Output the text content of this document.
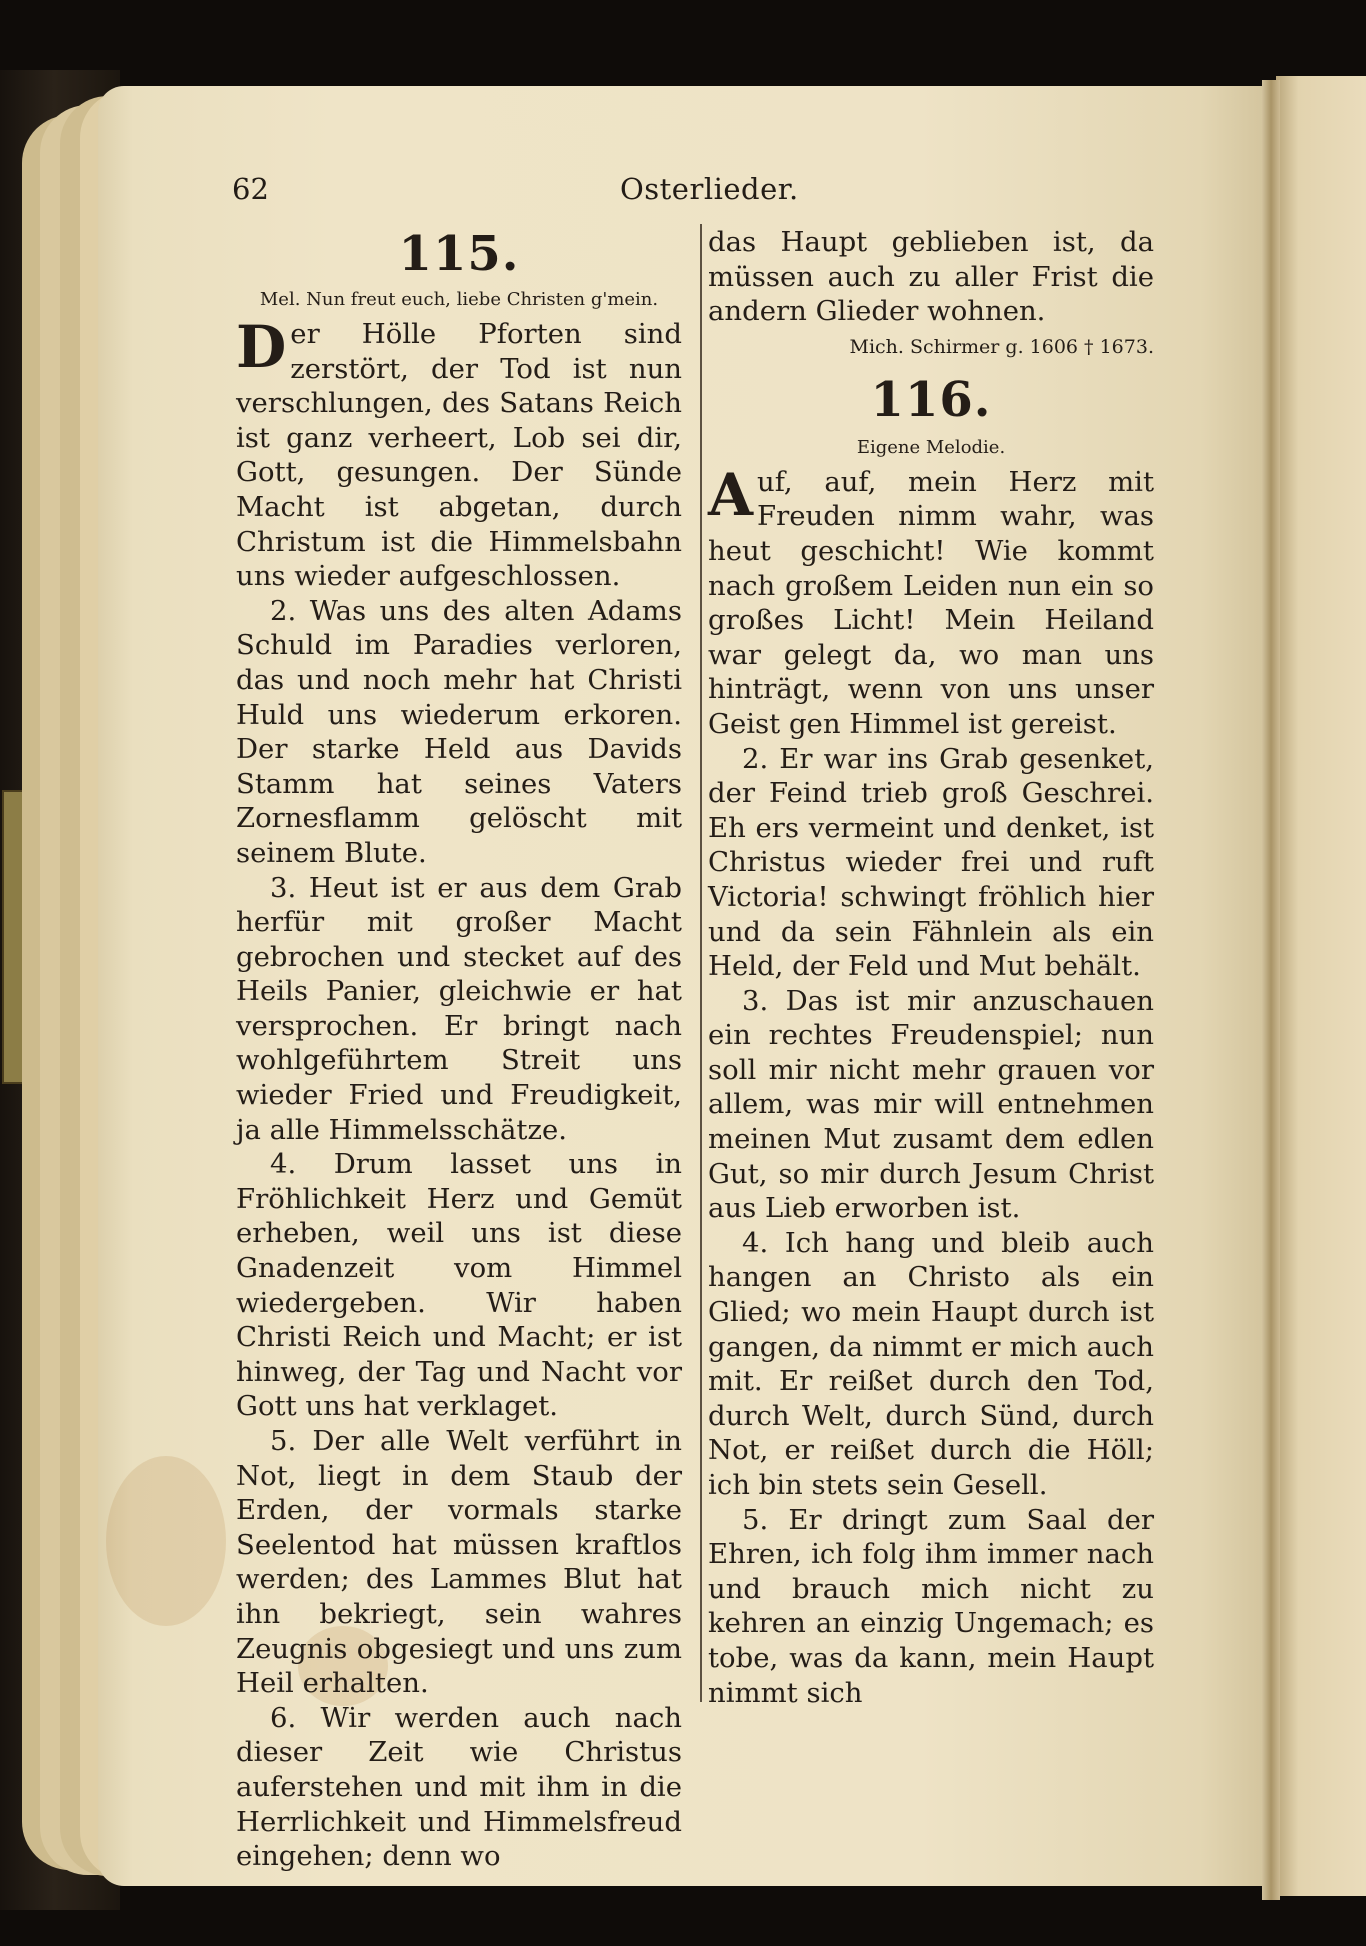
62	Osterlieder.
115.
Mel. Nun freut euch, liebe Christen g'mein.

Der Hölle Pforten sind zerstört, der Tod ist nun verschlungen, des Satans Reich ist ganz verheert, Lob sei dir, Gott, gesungen. Der Sünde Macht ist abgetan, durch Christum ist die Himmelsbahn uns wieder aufgeschlossen.

2. Was uns des alten Adams Schuld im Paradies verloren, das und noch mehr hat Christi Huld uns wiederum erkoren. Der starke Held aus Davids Stamm hat seines Vaters Zornesflamm gelöscht mit seinem Blute.

3. Heut ist er aus dem Grab herfür mit großer Macht gebrochen und stecket auf des Heils Panier, gleichwie er hat versprochen. Er bringt nach wohlgeführtem Streit uns wieder Fried und Freudigkeit, ja alle Himmelsschätze.

4. Drum lasset uns in Fröhlichkeit Herz und Gemüt erheben, weil uns ist diese Gnadenzeit vom Himmel wiedergeben. Wir haben Christi Reich und Macht; er ist hinweg, der Tag und Nacht vor Gott uns hat verklaget.

5. Der alle Welt verführt in Not, liegt in dem Staub der Erden, der vormals starke Seelentod hat müssen kraftlos werden; des Lammes Blut hat ihn bekriegt, sein wahres Zeugnis obgesiegt und uns zum Heil erhalten.

6. Wir werden auch nach dieser Zeit wie Christus auferstehen und mit ihm in die Herrlichkeit und Himmelsfreud eingehen; denn wo

das Haupt geblieben ist, da müssen auch zu aller Frist die andern Glieder wohnen.

Mich. Schirmer g. 1606 † 1673.
116.
Eigene Melodie.

Auf, auf, mein Herz mit Freuden nimm wahr, was heut geschicht! Wie kommt nach großem Leiden nun ein so großes Licht! Mein Heiland war gelegt da, wo man uns hinträgt, wenn von uns unser Geist gen Himmel ist gereist.

2. Er war ins Grab gesenket, der Feind trieb groß Geschrei. Eh ers vermeint und denket, ist Christus wieder frei und ruft Victoria! schwingt fröhlich hier und da sein Fähnlein als ein Held, der Feld und Mut behält.

3. Das ist mir anzuschauen ein rechtes Freudenspiel; nun soll mir nicht mehr grauen vor allem, was mir will entnehmen meinen Mut zusamt dem edlen Gut, so mir durch Jesum Christ aus Lieb erworben ist.

4. Ich hang und bleib auch hangen an Christo als ein Glied; wo mein Haupt durch ist gangen, da nimmt er mich auch mit. Er reißet durch den Tod, durch Welt, durch Sünd, durch Not, er reißet durch die Höll; ich bin stets sein Gesell.

5. Er dringt zum Saal der Ehren, ich folg ihm immer nach und brauch mich nicht zu kehren an einzig Ungemach; es tobe, was da kann, mein Haupt nimmt sich
